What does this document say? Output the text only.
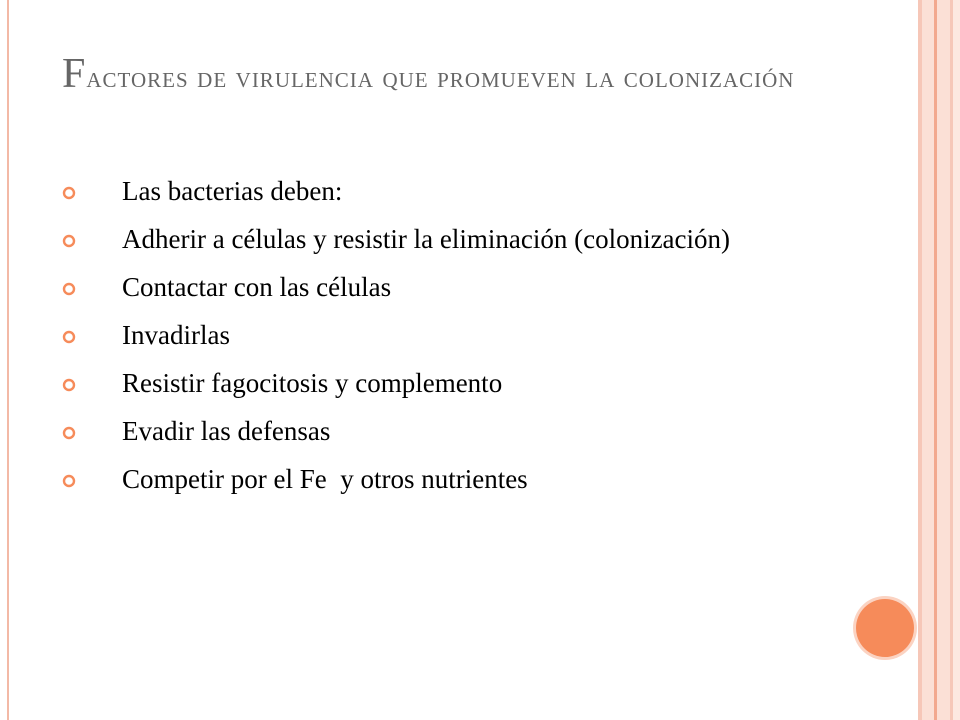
Factores de virulencia que promueven la colonización
Las bacterias deben:
Adherir a células y resistir la eliminación (colonización)
Contactar con las células
Invadirlas
Resistir fagocitosis y complemento
Evadir las defensas
Competir por el Fe  y otros nutrientes
